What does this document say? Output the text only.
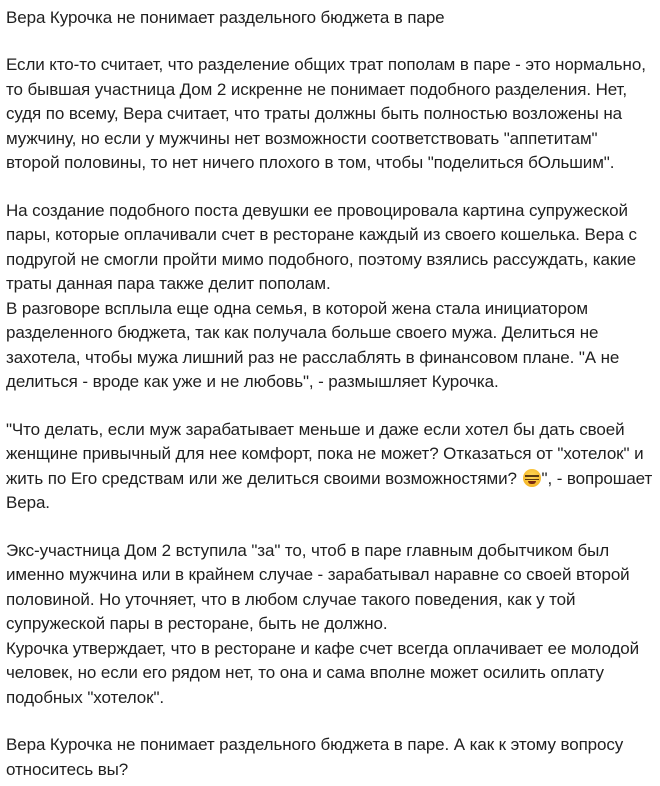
Вера Курочка не понимает раздельного бюджета в паре

Если кто-то считает, что разделение общих трат пополам в паре - это нормально, то бывшая участница Дом 2 искренне не понимает подобного разделения. Нет, судя по всему, Вера считает, что траты должны быть полностью возложены на мужчину, но если у мужчины нет возможности соответствовать "аппетитам" второй половины, то нет ничего плохого в том, чтобы "поделиться бОльшим".

На создание подобного поста девушки ее провоцировала картина супружеской пары, которые оплачивали счет в ресторане каждый из своего кошелька. Вера с подругой не смогли пройти мимо подобного, поэтому взялись рассуждать, какие траты данная пара также делит пополам.

В разговоре всплыла еще одна семья, в которой жена стала инициатором разделенного бюджета, так как получала больше своего мужа. Делиться не захотела, чтобы мужа лишний раз не расслаблять в финансовом плане. "А не делиться - вроде как уже и не любовь", - размышляет Курочка.

"Что делать, если муж зарабатывает меньше и даже если хотел бы дать своей женщине привычный для нее комфорт, пока не может? Отказаться от "хотелок" и жить по Его средствам или же делиться своими возможностями? ", - вопрошает Вера.

Экс-участница Дом 2 вступила "за" то, чтоб в паре главным добытчиком был именно мужчина или в крайнем случае - зарабатывал наравне со своей второй половиной. Но уточняет, что в любом случае такого поведения, как у той супружеской пары в ресторане, быть не должно.

Курочка утверждает, что в ресторане и кафе счет всегда оплачивает ее молодой человек, но если его рядом нет, то она и сама вполне может осилить оплату подобных "хотелок".

Вера Курочка не понимает раздельного бюджета в паре. А как к этому вопросу относитесь вы?
